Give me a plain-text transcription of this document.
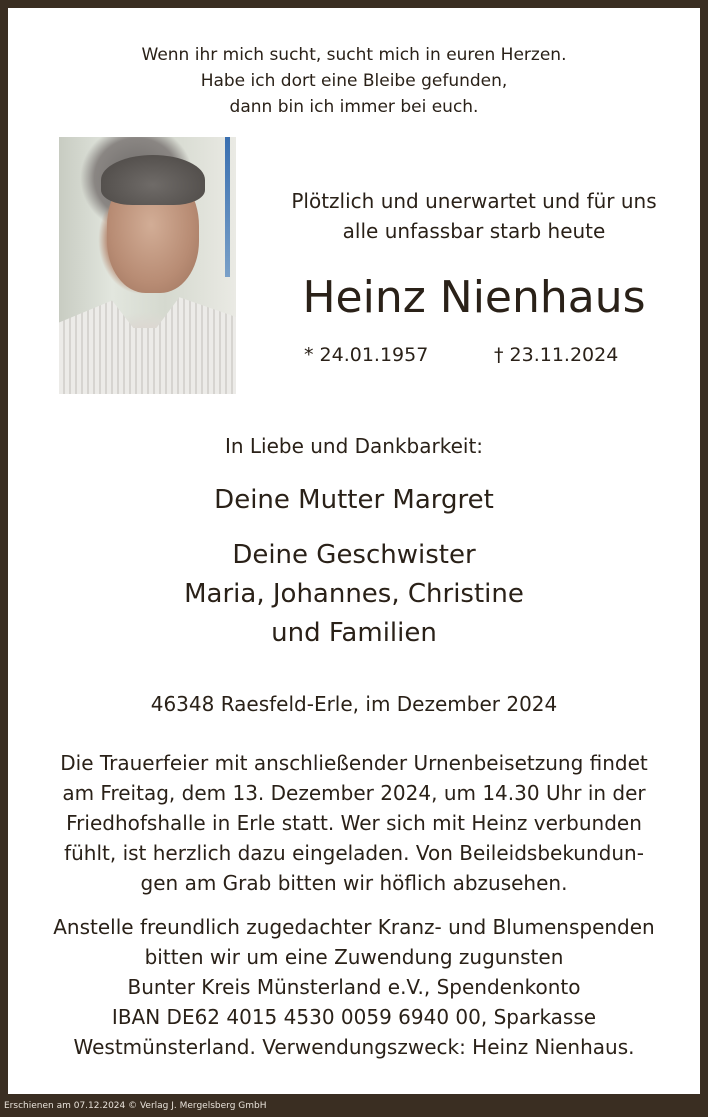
Wenn ihr mich sucht, sucht mich in euren Herzen.
Habe ich dort eine Bleibe gefunden,
dann bin ich immer bei euch.
Plötzlich und unerwartet und für uns
alle unfassbar starb heute
Heinz Nienhaus
* 24.01.1957	† 23.11.2024
In Liebe und Dankbarkeit:
Deine Mutter Margret
Deine Geschwister
Maria, Johannes, Christine
und Familien
46348 Raesfeld-Erle, im Dezember 2024
Die Trauerfeier mit anschließender Urnenbeisetzung findet
am Freitag, dem 13. Dezember 2024, um 14.30 Uhr in der
Friedhofshalle in Erle statt. Wer sich mit Heinz verbunden
fühlt, ist herzlich dazu eingeladen. Von Beileidsbekundun-
gen am Grab bitten wir höflich abzusehen.
Anstelle freundlich zugedachter Kranz- und Blumenspenden
bitten wir um eine Zuwendung zugunsten
Bunter Kreis Münsterland e.V., Spendenkonto
IBAN DE62 4015 4530 0059 6940 00, Sparkasse
Westmünsterland. Verwendungszweck: Heinz Nienhaus.
Erschienen am 07.12.2024 © Verlag J. Mergelsberg GmbH
